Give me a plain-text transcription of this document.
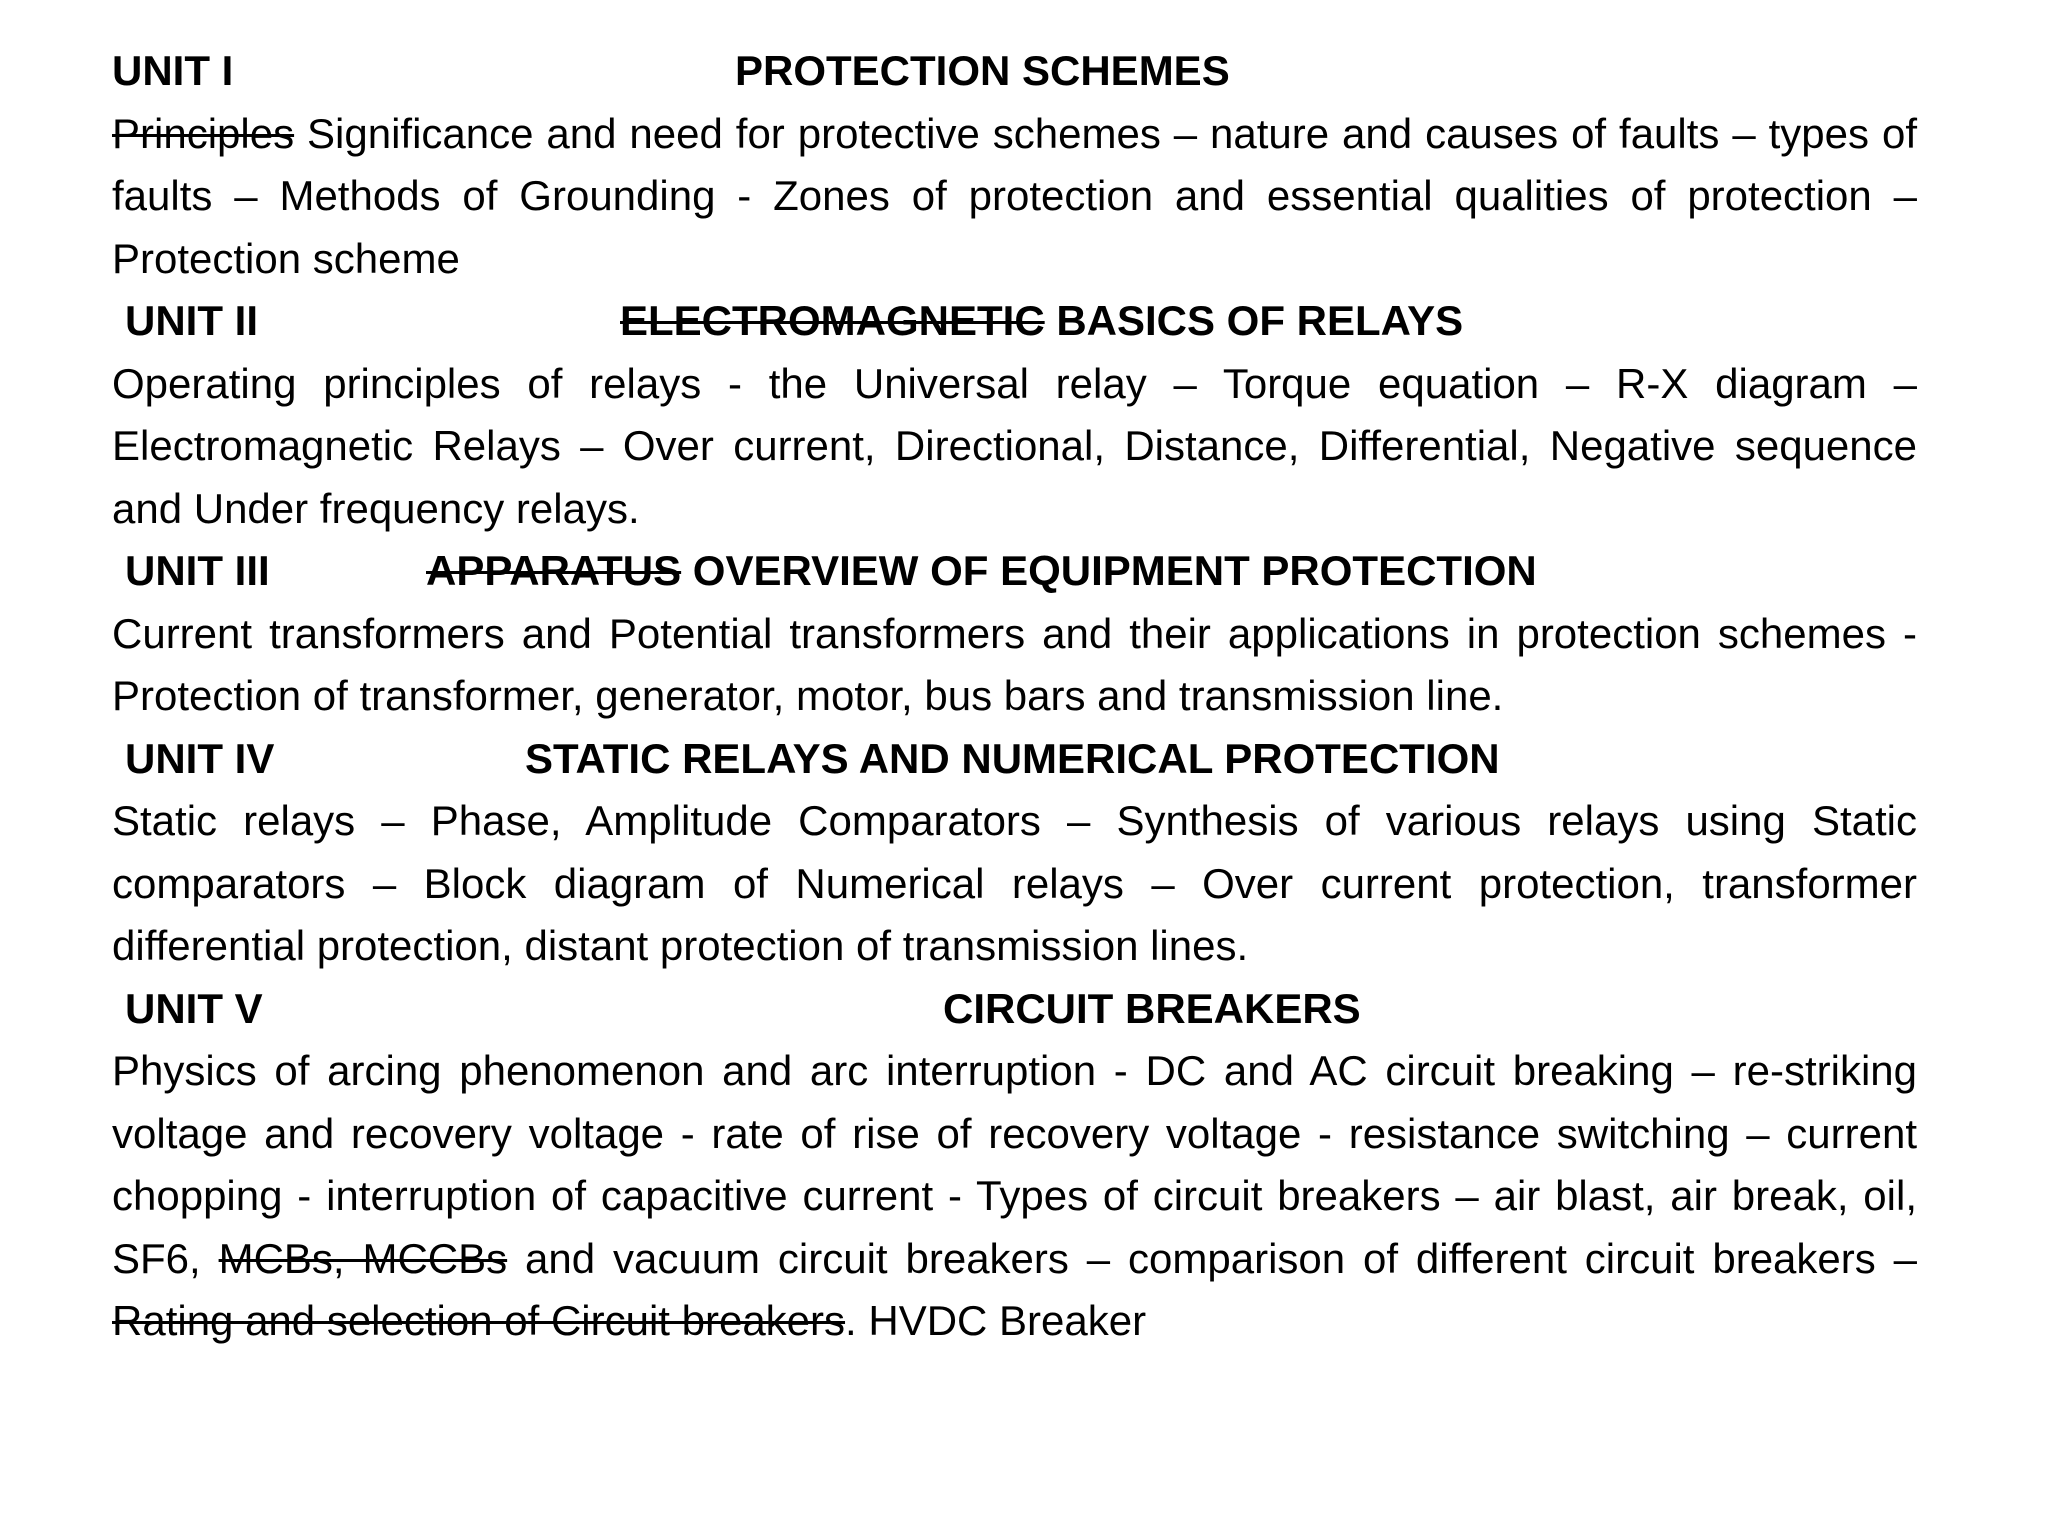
UNIT I	PROTECTION SCHEMES

Principles Significance and need for protective schemes – nature and causes of faults – types of faults – Methods of Grounding - Zones of protection and essential qualities of protection – Protection scheme

UNIT II	ELECTROMAGNETIC BASICS OF RELAYS

Operating principles of relays - the Universal relay – Torque equation – R-X diagram – Electromagnetic Relays – Over current, Directional, Distance, Differential, Negative sequence and Under frequency relays.

UNIT III	APPARATUS OVERVIEW OF EQUIPMENT PROTECTION

Current transformers and Potential transformers and their applications in protection schemes -Protection of transformer, generator, motor, bus bars and transmission line.

UNIT IV	STATIC RELAYS AND NUMERICAL PROTECTION

Static relays – Phase, Amplitude Comparators – Synthesis of various relays using Static comparators – Block diagram of Numerical relays – Over current protection, transformer differential protection, distant protection of transmission lines.

UNIT V	CIRCUIT BREAKERS

Physics of arcing phenomenon and arc interruption - DC and AC circuit breaking – re-striking voltage and recovery voltage - rate of rise of recovery voltage - resistance switching – current chopping - interruption of capacitive current - Types of circuit breakers – air blast, air break, oil, SF6, MCBs, MCCBs and vacuum circuit breakers – comparison of different circuit breakers – Rating and selection of Circuit breakers. HVDC Breaker
